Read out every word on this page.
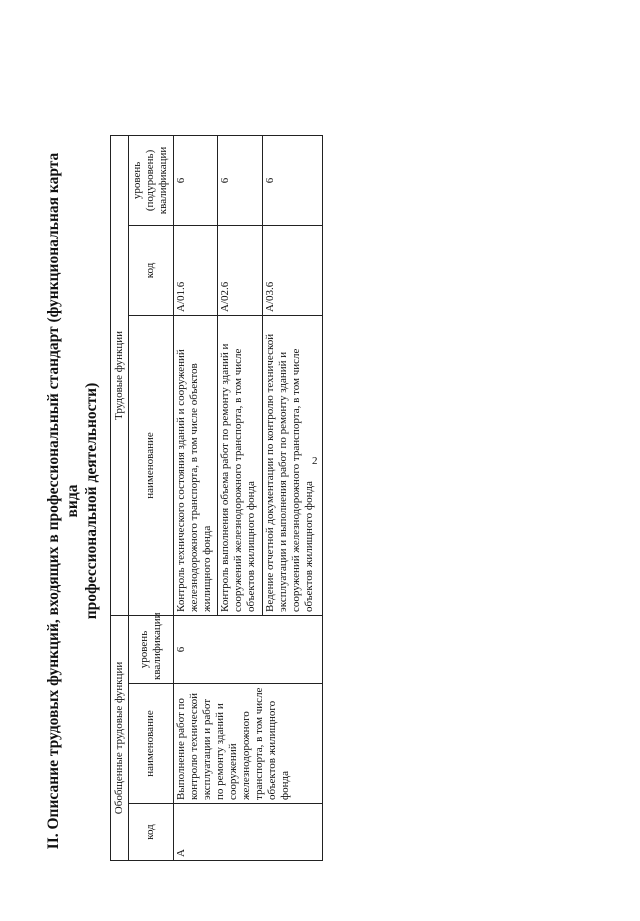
2
II. Описание трудовых функций, входящих в профессиональный стандарт (функциональная карта вида профессиональной деятельности)
Обобщенные трудовые функции			Трудовые функции		
код	наименование	уровень квалификации	наименование	код	уровень (подуровень) квалификации
А	Выполнение работ по контролю технической эксплуатации и работ по ремонту зданий и сооружений железнодорожного транспорта, в том числе объектов жилищного фонда	6	Контроль технического состояния зданий и сооружений железнодорожного транспорта, в том числе объектов жилищного фонда	A/01.6	6
			Контроль выполнения объема работ по ремонту зданий и сооружений железнодорожного транспорта, в том числе объектов жилищного фонда	A/02.6	6
			Ведение отчетной документации по контролю технической эксплуатации и выполнения работ по ремонту зданий и сооружений железнодорожного транспорта, в том числе объектов жилищного фонда	A/03.6	6
